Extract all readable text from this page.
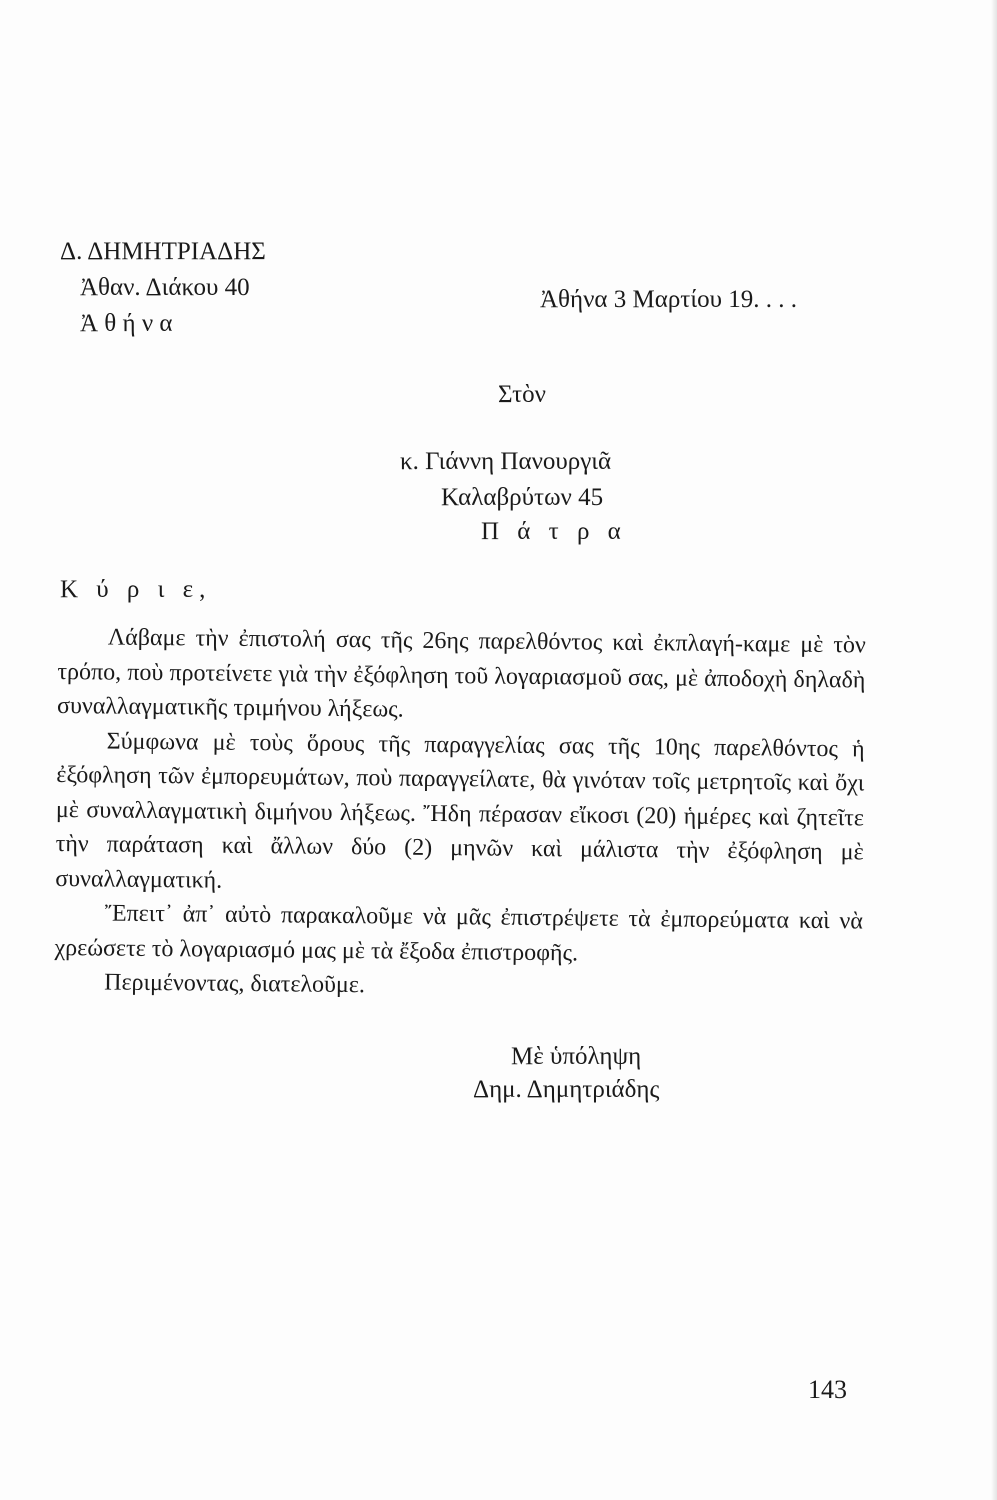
Δ. ΔΗΜΗΤΡΙΑΔΗΣ
Ἀθαν. Διάκου 40
Ἀ θ ή ν α
Ἀθήνα 3 Μαρτίου 19. . . .
Στὸν
κ. Γιάννη Πανουργιᾶ
Καλαβρύτων 45
Π ά τ ρ α
Κ ύ ρ ι ε,

Λάβαμε τὴν ἐπιστολή σας τῆς 26ης παρελθόντος καὶ ἐκπλαγή-καμε μὲ τὸν τρόπο, ποὺ προτείνετε γιὰ τὴν ἐξόφληση τοῦ λογαριασμοῦ σας, μὲ ἀποδοχὴ δηλαδὴ συναλλαγματικῆς τριμήνου λήξεως.

Σύμφωνα μὲ τοὺς ὅρους τῆς παραγγελίας σας τῆς 10ης παρελθόντος ἡ ἐξόφληση τῶν ἐμπορευμάτων, ποὺ παραγγείλατε, θὰ γινόταν τοῖς μετρητοῖς καὶ ὄχι μὲ συναλλαγματικὴ διμήνου λήξεως. Ἤδη πέρασαν εἴκοσι (20) ἡμέρες καὶ ζητεῖτε τὴν παράταση καὶ ἄλλων δύο (2) μηνῶν καὶ μάλιστα τὴν ἐξόφληση μὲ συναλλαγματική.

Ἔπειτ᾽ ἀπ᾽ αὐτὸ παρακαλοῦμε νὰ μᾶς ἐπιστρέψετε τὰ ἐμπορεύματα καὶ νὰ χρεώσετε τὸ λογαριασμό μας μὲ τὰ ἔξοδα ἐπιστροφῆς.

Περιμένοντας, διατελοῦμε.

Μὲ ὑπόληψη
Δημ. Δημητριάδης
143
